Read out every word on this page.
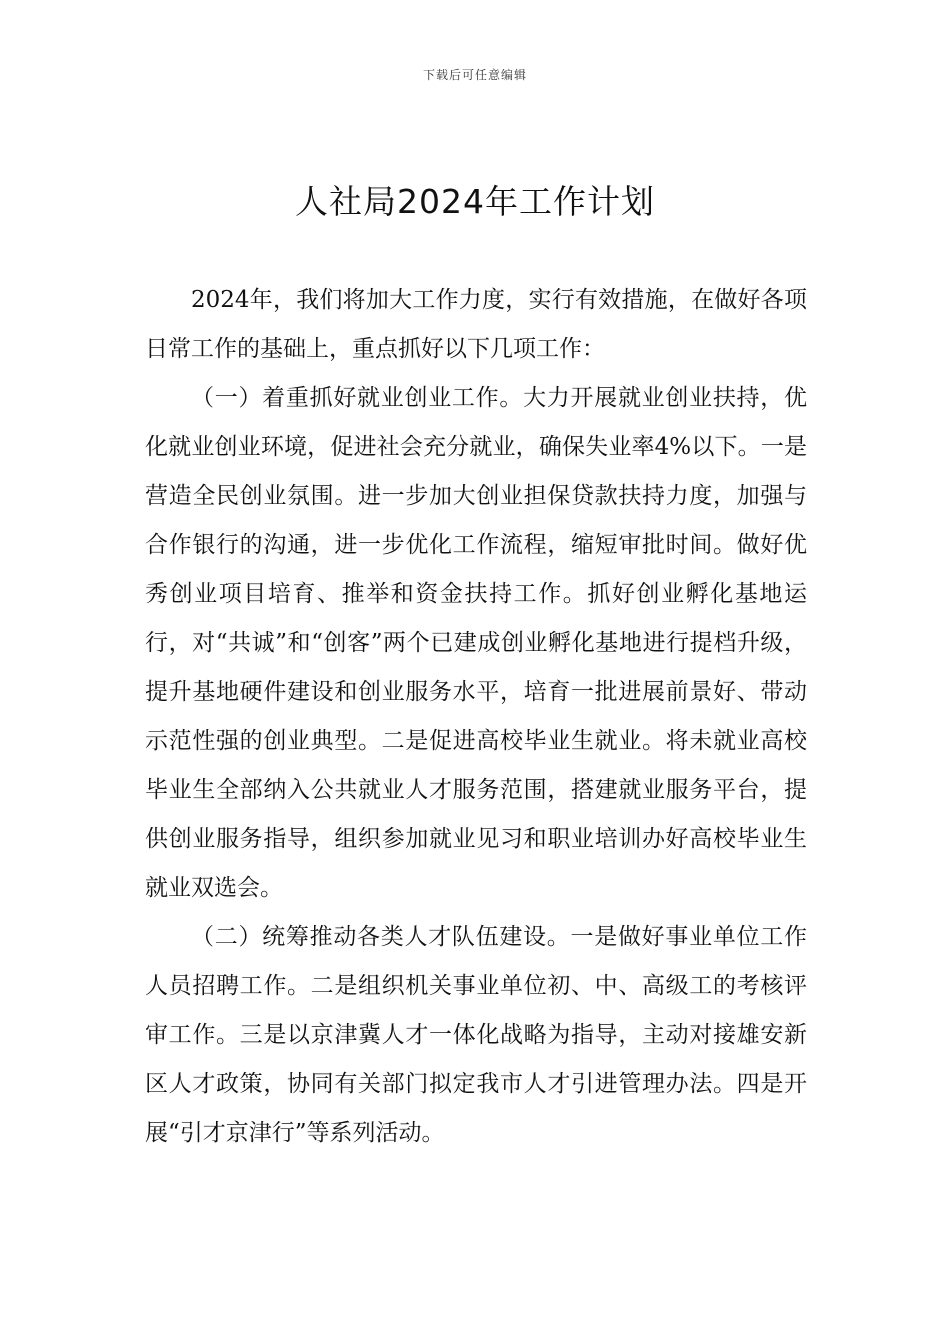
下载后可任意编辑
人社局2024年工作计划

2024年，我们将加大工作力度，实行有效措施，在做好各项日常工作的基础上，重点抓好以下几项工作：

（一）着重抓好就业创业工作。大力开展就业创业扶持，优化就业创业环境，促进社会充分就业，确保失业率4%以下。一是营造全民创业氛围。进一步加大创业担保贷款扶持力度，加强与合作银行的沟通，进一步优化工作流程，缩短审批时间。做好优秀创业项目培育、推举和资金扶持工作。抓好创业孵化基地运行，对“共诚”和“创客”两个已建成创业孵化基地进行提档升级，提升基地硬件建设和创业服务水平，培育一批进展前景好、带动示范性强的创业典型。二是促进高校毕业生就业。将未就业高校毕业生全部纳入公共就业人才服务范围，搭建就业服务平台，提供创业服务指导，组织参加就业见习和职业培训办好高校毕业生就业双选会。

（二）统筹推动各类人才队伍建设。一是做好事业单位工作人员招聘工作。二是组织机关事业单位初、中、高级工的考核评审工作。三是以京津冀人才一体化战略为指导，主动对接雄安新区人才政策，协同有关部门拟定我市人才引进管理办法。四是开展“引才京津行”等系列活动。
